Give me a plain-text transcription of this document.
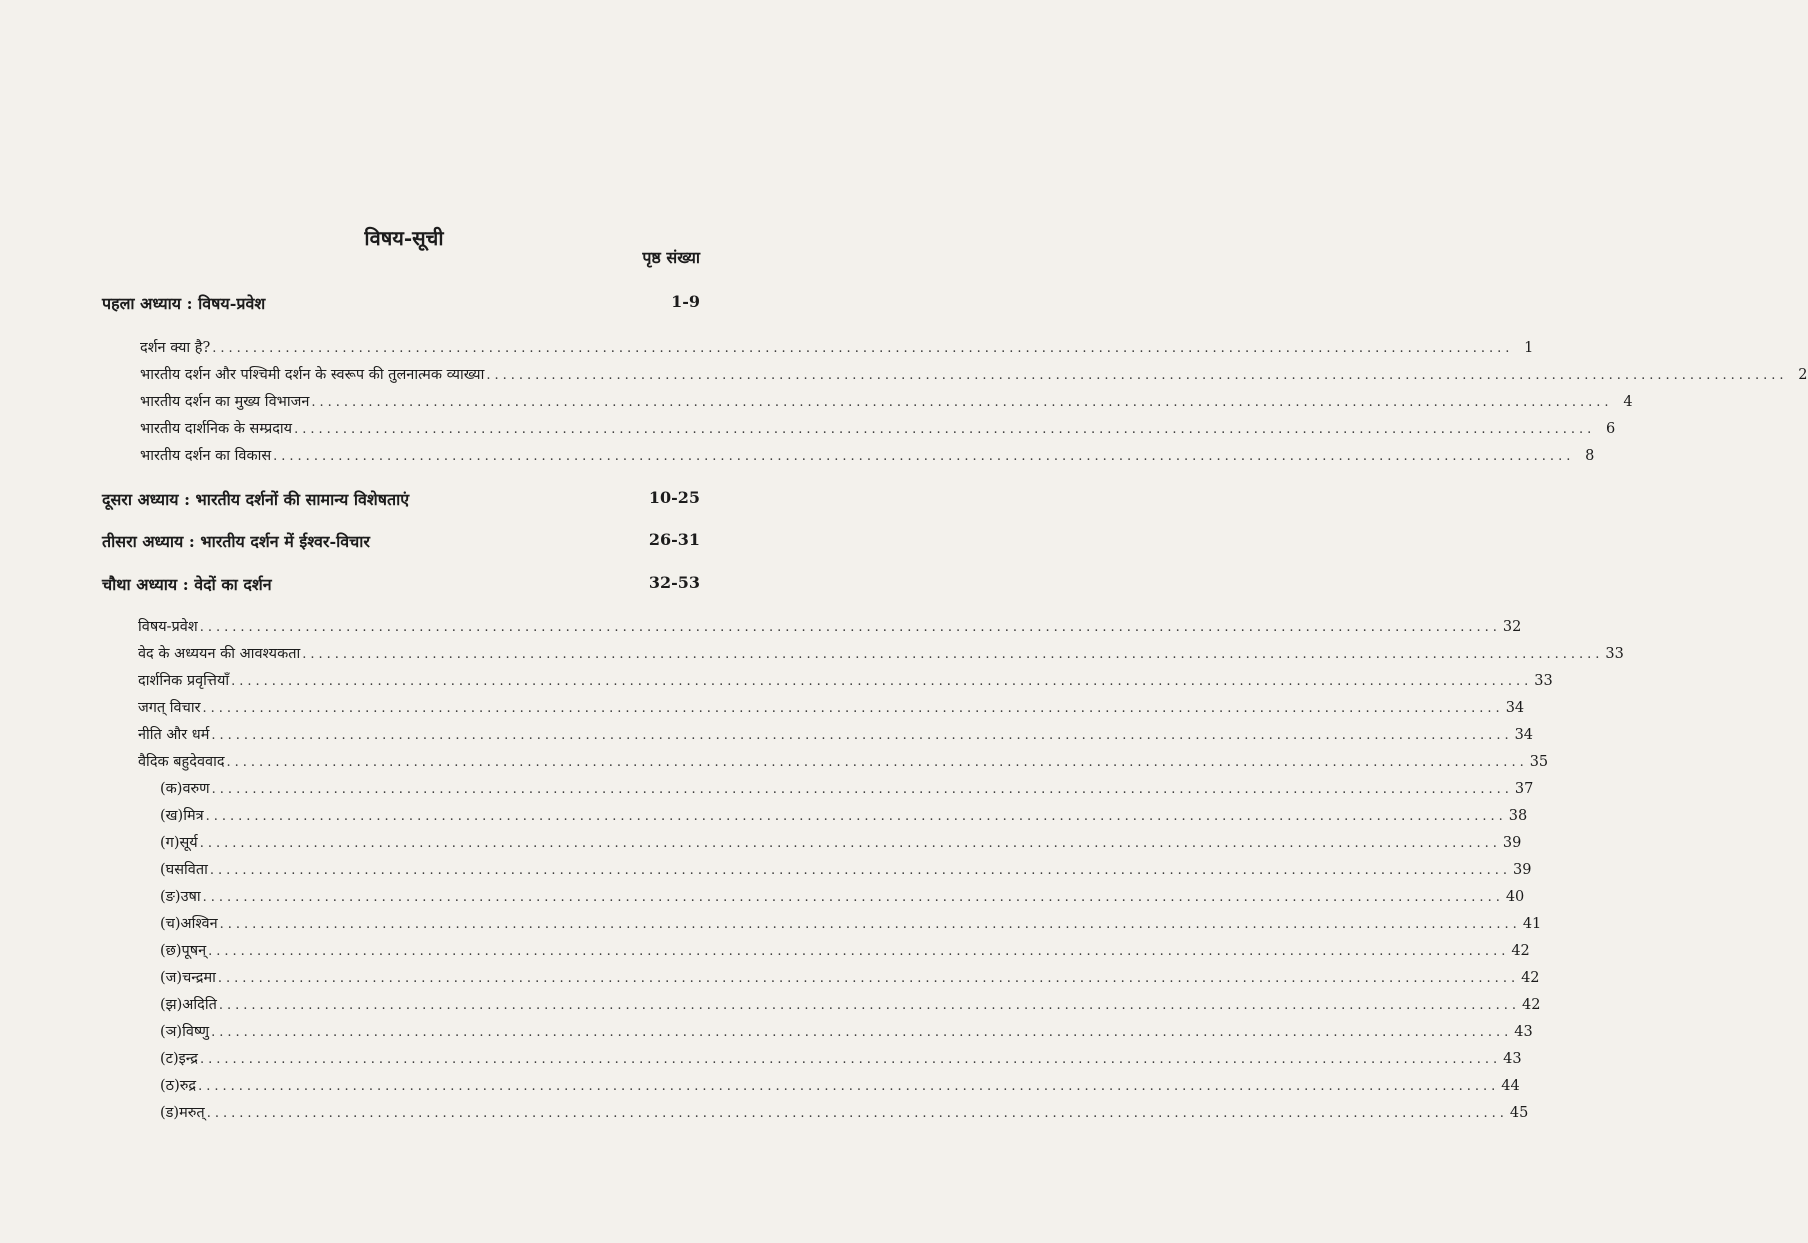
विषय-सूची
पृष्ठ संख्या
पहला अध्याय : विषय-प्रवेश	1-9
दर्शन क्या है? ................................................................................................................................................................ 1
भारतीय दर्शन और पश्चिमी दर्शन के स्वरूप की तुलनात्मक व्याख्या ................................................................................................................................................................ 2
भारतीय दर्शन का मुख्य विभाजन ................................................................................................................................................................ 4
भारतीय दार्शनिक के सम्प्रदाय ................................................................................................................................................................ 6
भारतीय दर्शन का विकास ................................................................................................................................................................ 8
दूसरा अध्याय : भारतीय दर्शनों की सामान्य विशेषताएं	10-25
तीसरा अध्याय : भारतीय दर्शन में ईश्वर-विचार	26-31
चौथा अध्याय : वेदों का दर्शन	32-53
विषय-प्रवेश ................................................................................................................................................................ 32
वेद के अध्ययन की आवश्यकता ................................................................................................................................................................ 33
दार्शनिक प्रवृत्तियाँ ................................................................................................................................................................ 33
जगत् विचार ................................................................................................................................................................ 34
नीति और धर्म ................................................................................................................................................................ 34
वैदिक बहुदेववाद ................................................................................................................................................................ 35
(क) वरुण ................................................................................................................................................................ 37
(ख) मित्र ................................................................................................................................................................ 38
(ग) सूर्य ................................................................................................................................................................ 39
(घ सविता ................................................................................................................................................................ 39
(ङ) उषा ................................................................................................................................................................ 40
(च) अश्विन ................................................................................................................................................................ 41
(छ) पूषन् ................................................................................................................................................................ 42
(ज) चन्द्रमा ................................................................................................................................................................ 42
(झ) अदिति ................................................................................................................................................................ 42
(ञ) विष्णु ................................................................................................................................................................ 43
(ट) इन्द्र ................................................................................................................................................................ 43
(ठ) रुद्र ................................................................................................................................................................ 44
(ड) मरुत् ................................................................................................................................................................ 45
